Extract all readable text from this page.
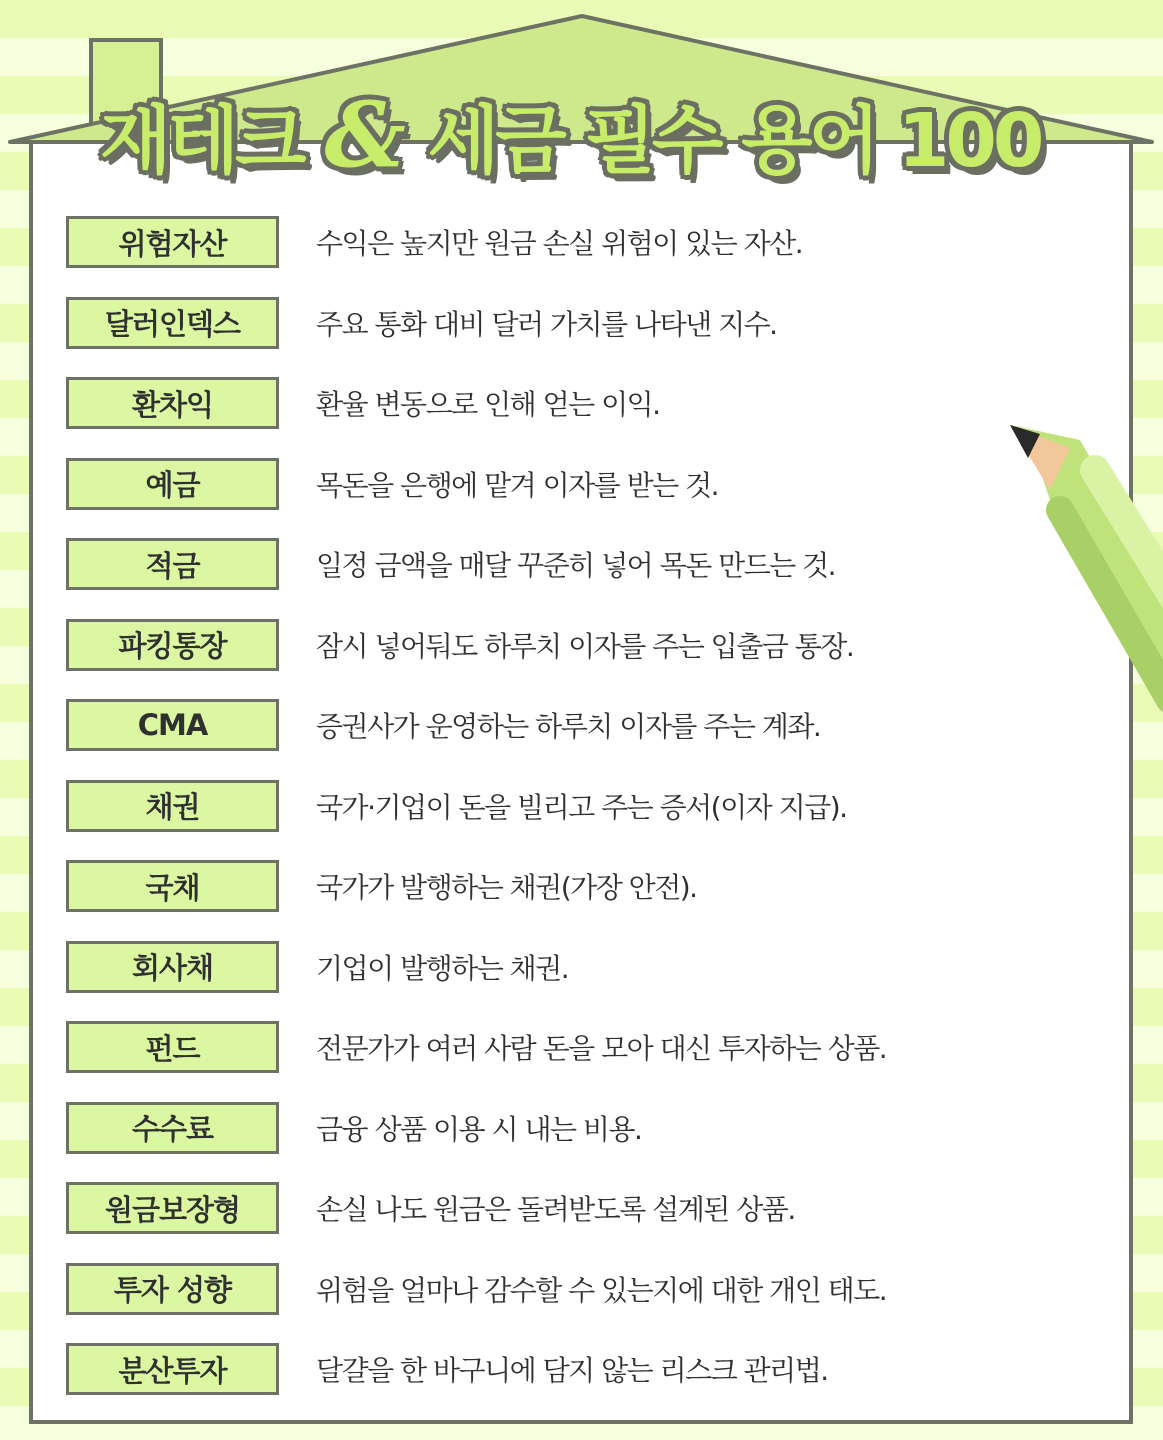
재테크 & 세금 필수 용어 100
위험자산	수익은 높지만 원금 손실 위험이 있는 자산.
달러인덱스	주요 통화 대비 달러 가치를 나타낸 지수.
환차익	환율 변동으로 인해 얻는 이익.
예금	목돈을 은행에 맡겨 이자를 받는 것.
적금	일정 금액을 매달 꾸준히 넣어 목돈 만드는 것.
파킹통장	잠시 넣어둬도 하루치 이자를 주는 입출금 통장.
CMA	증권사가 운영하는 하루치 이자를 주는 계좌.
채권	국가·기업이 돈을 빌리고 주는 증서(이자 지급).
국채	국가가 발행하는 채권(가장 안전).
회사채	기업이 발행하는 채권.
펀드	전문가가 여러 사람 돈을 모아 대신 투자하는 상품.
수수료	금융 상품 이용 시 내는 비용.
원금보장형	손실 나도 원금은 돌려받도록 설계된 상품.
투자 성향	위험을 얼마나 감수할 수 있는지에 대한 개인 태도.
분산투자	달걀을 한 바구니에 담지 않는 리스크 관리법.
